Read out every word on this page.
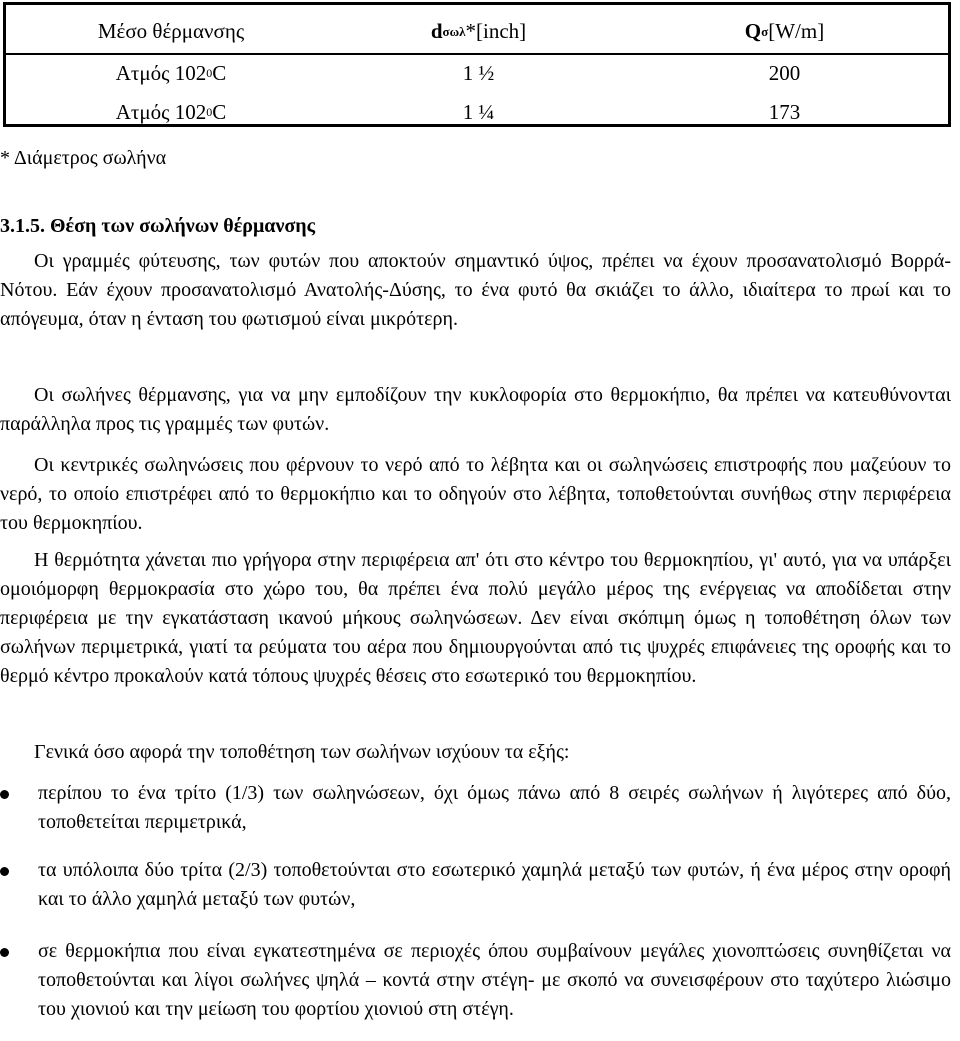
Μέσο θέρμανσης	d σωλ *[inch]	Q σ [W/m]
Ατμός 102 0 C	1 ½	200
Ατμός 102 0 C	1 ¼	173
* Διάμετρος σωλήνα
3.1.5. Θέση των σωλήνων θέρμανσης

Οι γραμμές φύτευσης, των φυτών που αποκτούν σημαντικό ύψος, πρέπει να έχουν προσανατολισμό Βορρά-Νότου. Εάν έχουν προσανατολισμό Ανατολής-Δύσης, το ένα φυτό θα σκιάζει το άλλο, ιδιαίτερα το πρωί και το απόγευμα, όταν η ένταση του φωτισμού είναι μικρότερη.

Οι σωλήνες θέρμανσης, για να μην εμποδίζουν την κυκλοφορία στο θερμοκήπιο, θα πρέπει να κατευθύνονται παράλληλα προς τις γραμμές των φυτών.

Οι κεντρικές σωληνώσεις που φέρνουν το νερό από το λέβητα και οι σωληνώσεις επιστροφής που μαζεύουν το νερό, το οποίο επιστρέφει από το θερμοκήπιο και το οδηγούν στο λέβητα, τοποθετούνται συνήθως στην περιφέρεια του θερμοκηπίου.

Η θερμότητα χάνεται πιο γρήγορα στην περιφέρεια απ' ότι στο κέντρο του θερμοκηπίου, γι' αυτό, για να υπάρξει ομοιόμορφη θερμοκρασία στο χώρο του, θα πρέπει ένα πολύ μεγάλο μέρος της ενέργειας να αποδίδεται στην περιφέρεια με την εγκατάσταση ικανού μήκους σωληνώσεων. Δεν είναι σκόπιμη όμως η τοποθέτηση όλων των σωλήνων περιμετρικά, γιατί τα ρεύματα του αέρα που δημιουργούνται από τις ψυχρές επιφάνειες της οροφής και το θερμό κέντρο προκαλούν κατά τόπους ψυχρές θέσεις στο εσωτερικό του θερμοκηπίου.

Γενικά όσο αφορά την τοποθέτηση των σωλήνων ισχύουν τα εξής:

περίπου το ένα τρίτο (1/3) των σωληνώσεων, όχι όμως πάνω από 8 σειρές σωλήνων ή λιγότερες από δύο, τοποθετείται περιμετρικά,
τα υπόλοιπα δύο τρίτα (2/3) τοποθετούνται στο εσωτερικό χαμηλά μεταξύ των φυτών, ή ένα μέρος στην οροφή και το άλλο χαμηλά μεταξύ των φυτών,
σε θερμοκήπια που είναι εγκατεστημένα σε περιοχές όπου συμβαίνουν μεγάλες χιονοπτώσεις συνηθίζεται να τοποθετούνται και λίγοι σωλήνες ψηλά – κοντά στην στέγη- με σκοπό να συνεισφέρουν στο ταχύτερο λιώσιμο του χιονιού και την μείωση του φορτίου χιονιού στη στέγη.
